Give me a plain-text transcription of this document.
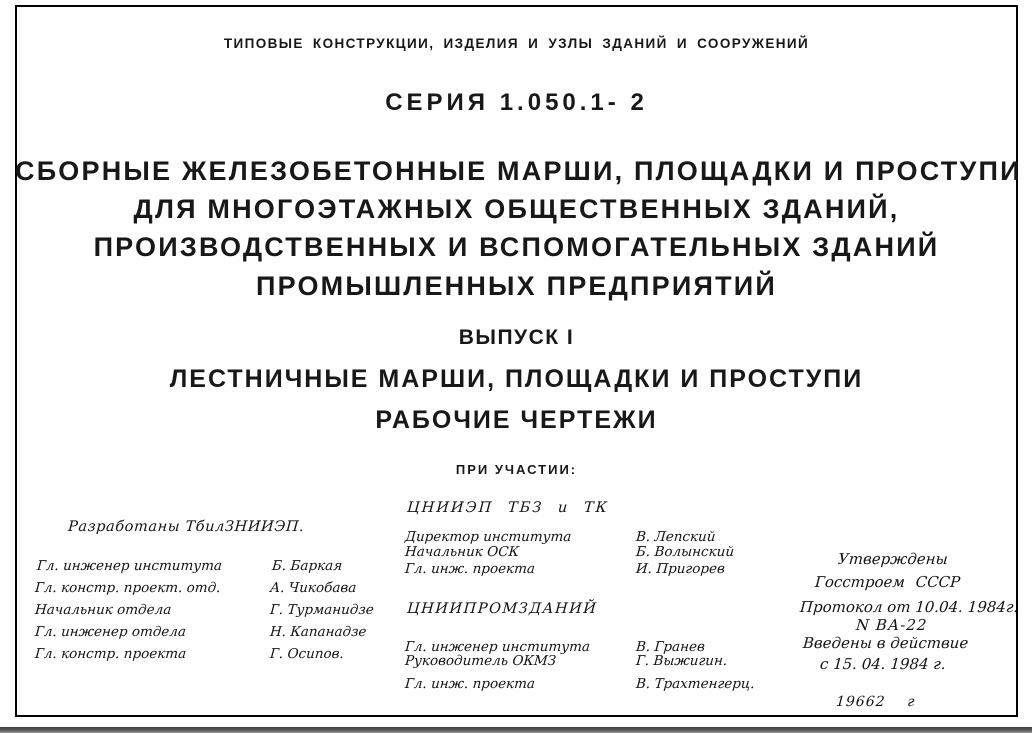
ТИПОВЫЕ КОНСТРУКЦИИ, ИЗДЕЛИЯ И УЗЛЫ ЗДАНИЙ И СООРУЖЕНИЙ
СЕРИЯ 1.050.1- 2
СБОРНЫЕ ЖЕЛЕЗОБЕТОННЫЕ МАРШИ, ПЛОЩАДКИ И ПРОСТУПИ
ДЛЯ МНОГОЭТАЖНЫХ ОБЩЕСТВЕННЫХ ЗДАНИЙ,
ПРОИЗВОДСТВЕННЫХ И ВСПОМОГАТЕЛЬНЫХ ЗДАНИЙ
ПРОМЫШЛЕННЫХ ПРЕДПРИЯТИЙ
ВЫПУСК I
ЛЕСТНИЧНЫЕ МАРШИ, ПЛОЩАДКИ И ПРОСТУПИ
РАБОЧИЕ ЧЕРТЕЖИ
ПРИ УЧАСТИИ:
Разработаны ТбилЗНИИЭП.
Гл. инженер института	Б. Баркая
Гл. констр. проект. отд.	А. Чикобава
Начальник отдела	Г. Турманидзе
Гл. инженер отдела	Н. Капанадзе
Гл. констр. проекта	Г. Осипов.
ЦНИИЭП ТБЗ и ТК
Директор института	В. Лепский
Начальник ОСК	Б. Волынский
Гл. инж. проекта	И. Пригорев
ЦНИИПРОМЗДАНИЙ
Гл. инженер института	В. Гранев
Руководитель ОКМЗ	Г. Выжигин.
Гл. инж. проекта	В. Трахтенгерц.
Утверждены
Госстроем СССР
Протокол от 10.04. 1984г.
N ВА-22
Введены в действие
с 15. 04. 1984 г.
19662    г
